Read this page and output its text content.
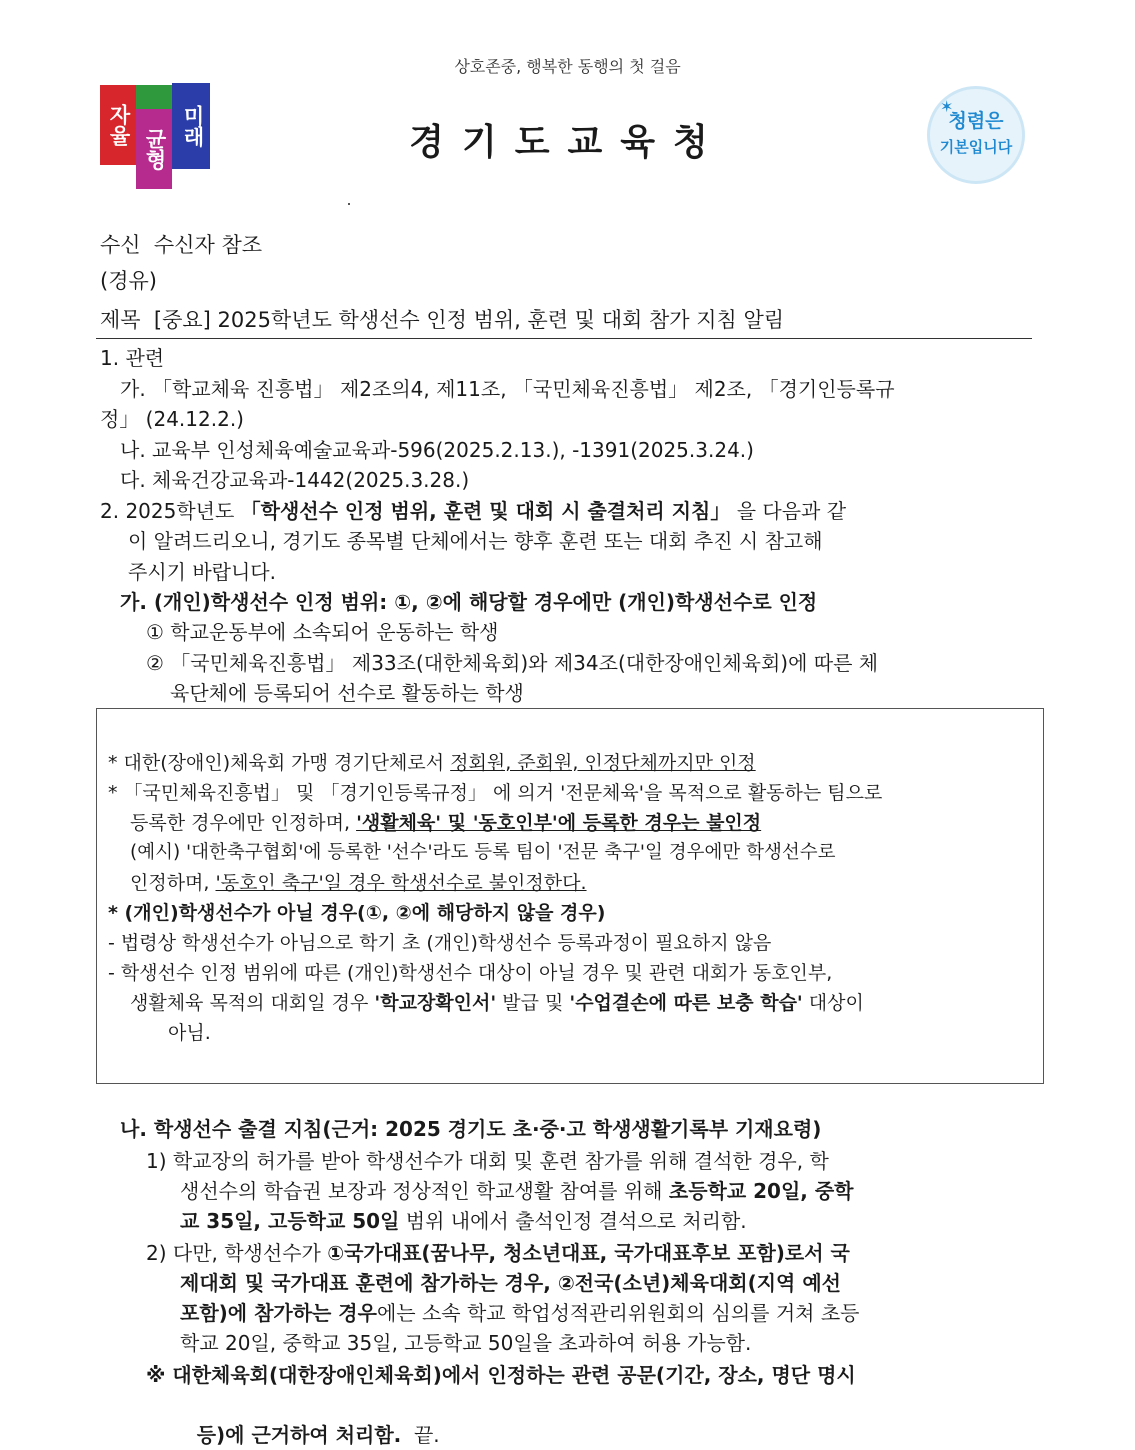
상호존중, 행복한 동행의 첫 걸음
자율
균형
미래	경기도교육청
✶
청렴은
기본입니다
수신  수신자 참조
(경유)
제목  [중요] 2025학년도 학생선수 인정 범위, 훈련 및 대회 참가 지침 알림
1. 관련
가. 「학교체육 진흥법」 제2조의4, 제11조, 「국민체육진흥법」 제2조, 「경기인등록규
정」 (24.12.2.)
나. 교육부 인성체육예술교육과-596(2025.2.13.), -1391(2025.3.24.)
다. 체육건강교육과-1442(2025.3.28.)
2. 2025학년도 「학생선수 인정 범위, 훈련 및 대회 시 출결처리 지침」 을 다음과 같
이 알려드리오니, 경기도 종목별 단체에서는 향후 훈련 또는 대회 추진 시 참고해
주시기 바랍니다.
가. (개인)학생선수 인정 범위: ①, ②에 해당할 경우에만 (개인)학생선수로 인정
① 학교운동부에 소속되어 운동하는 학생
② 「국민체육진흥법」 제33조(대한체육회)와 제34조(대한장애인체육회)에 따른 체
육단체에 등록되어 선수로 활동하는 학생
* 대한(장애인)체육회 가맹 경기단체로서 정회원, 준회원, 인정단체까지만 인정
* 「국민체육진흥법」 및 「경기인등록규정」 에 의거 '전문체육'을 목적으로 활동하는 팀으로
등록한 경우에만 인정하며, '생활체육' 및 '동호인부'에 등록한 경우는 불인정
(예시) '대한축구협회'에 등록한 '선수'라도 등록 팀이 '전문 축구'일 경우에만 학생선수로
인정하며, '동호인 축구'일 경우 학생선수로 불인정한다.
* (개인)학생선수가 아닐 경우(①, ②에 해당하지 않을 경우)
- 법령상 학생선수가 아님으로 학기 초 (개인)학생선수 등록과정이 필요하지 않음
- 학생선수 인정 범위에 따른 (개인)학생선수 대상이 아닐 경우 및 관련 대회가 동호인부,
생활체육 목적의 대회일 경우 '학교장확인서' 발급 및 '수업결손에 따른 보충 학습' 대상이
아님.
나. 학생선수 출결 지침(근거: 2025 경기도 초·중·고 학생생활기록부 기재요령)
1) 학교장의 허가를 받아 학생선수가 대회 및 훈련 참가를 위해 결석한 경우, 학
생선수의 학습권 보장과 정상적인 학교생활 참여를 위해 초등학교 20일, 중학
교 35일, 고등학교 50일 범위 내에서 출석인정 결석으로 처리함.
2) 다만, 학생선수가 ①국가대표(꿈나무, 청소년대표, 국가대표후보 포함)로서 국
제대회 및 국가대표 훈련에 참가하는 경우, ②전국(소년)체육대회(지역 예선
포함)에 참가하는 경우에는 소속 학교 학업성적관리위원회의 심의를 거쳐 초등
학교 20일, 중학교 35일, 고등학교 50일을 초과하여 허용 가능함.
※ 대한체육회(대한장애인체육회)에서 인정하는 관련 공문(기간, 장소, 명단 명시

등)에 근거하여 처리함.  끝.
